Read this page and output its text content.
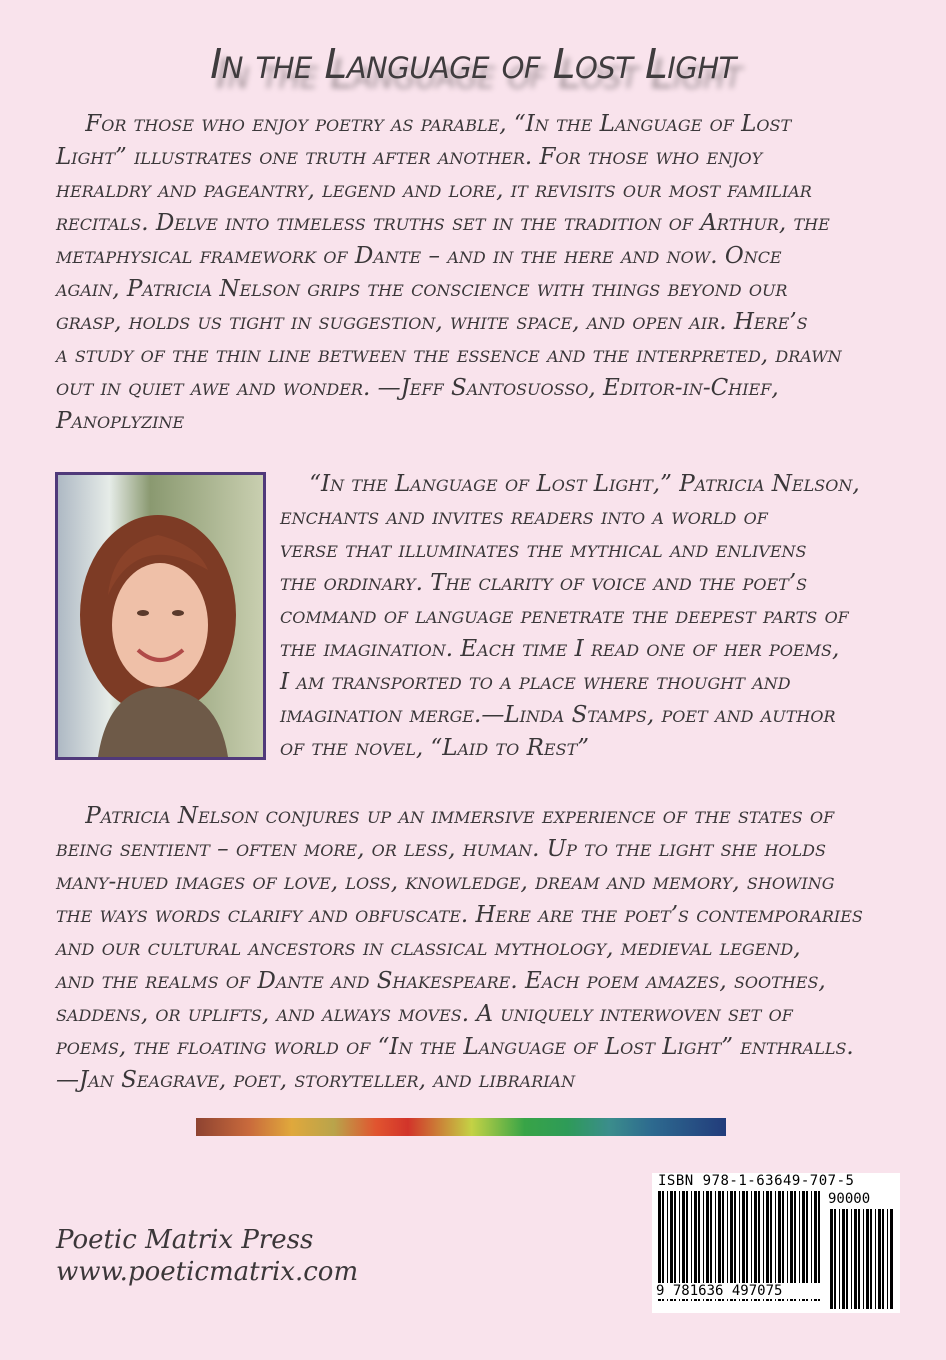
In the Language of Lost Light

For those who enjoy poetry as parable, “In the Language of Lost
Light” illustrates one truth after another. For those who enjoy
heraldry and pageantry, legend and lore, it revisits our most familiar
recitals. Delve into timeless truths set in the tradition of Arthur, the
metaphysical framework of Dante – and in the here and now. Once
again, Patricia Nelson grips the conscience with things beyond our
grasp, holds us tight in suggestion, white space, and open air. Here’s
a study of the thin line between the essence and the interpreted, drawn
out in quiet awe and wonder. —Jeff Santosuosso, Editor-in-Chief,
Panoplyzine

“In the Language of Lost Light,” Patricia Nelson,
enchants and invites readers into a world of
verse that illuminates the mythical and enlivens
the ordinary. The clarity of voice and the poet’s
command of language penetrate the deepest parts of
the imagination. Each time I read one of her poems,
I am transported to a place where thought and
imagination merge.—Linda Stamps, poet and author
of the novel, “Laid to Rest”

Patricia Nelson conjures up an immersive experience of the states of
being sentient – often more, or less, human. Up to the light she holds
many-hued images of love, loss, knowledge, dream and memory, showing
the ways words clarify and obfuscate. Here are the poet’s contemporaries
and our cultural ancestors in classical mythology, medieval legend,
and the realms of Dante and Shakespeare. Each poem amazes, soothes,
saddens, or uplifts, and always moves. A uniquely interwoven set of
poems, the floating world of “In the Language of Lost Light” enthralls.
—Jan Seagrave, poet, storyteller, and librarian

Poetic Matrix Press
www.poeticmatrix.com

ISBN 978-1-63649-707-5
90000
9 781636 497075
